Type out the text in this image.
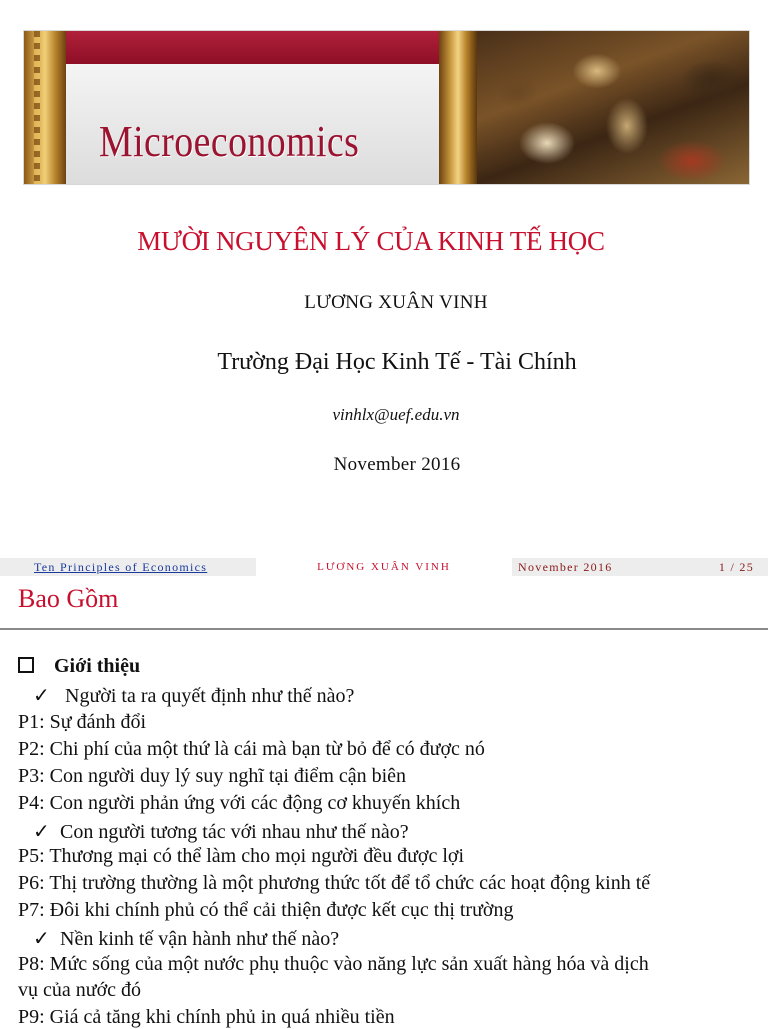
Microeconomics
MƯỜI NGUYÊN LÝ CỦA KINH TẾ HỌC
LƯƠNG XUÂN VINH
Trường Đại Học Kinh Tế - Tài Chính
vinhlx@uef.edu.vn
November 2016
Ten Principles of Economics	LƯƠNG XUÂN VINH	November 2016	1 / 25
Bao Gồm
Giới thiệu
✓ Người ta ra quyết định như thế nào?
P1: Sự đánh đổi
P2: Chi phí của một thứ là cái mà bạn từ bỏ để có được nó
P3: Con người duy lý suy nghĩ tại điểm cận biên
P4: Con người phản ứng với các động cơ khuyến khích
✓ Con người tương tác với nhau như thế nào?
P5: Thương mại có thể làm cho mọi người đều được lợi
P6: Thị trường thường là một phương thức tốt để tổ chức các hoạt động kinh tế
P7: Đôi khi chính phủ có thể cải thiện được kết cục thị trường
✓ Nền kinh tế vận hành như thế nào?
P8: Mức sống của một nước phụ thuộc vào năng lực sản xuất hàng hóa và dịch
vụ của nước đó
P9: Giá cả tăng khi chính phủ in quá nhiều tiền
